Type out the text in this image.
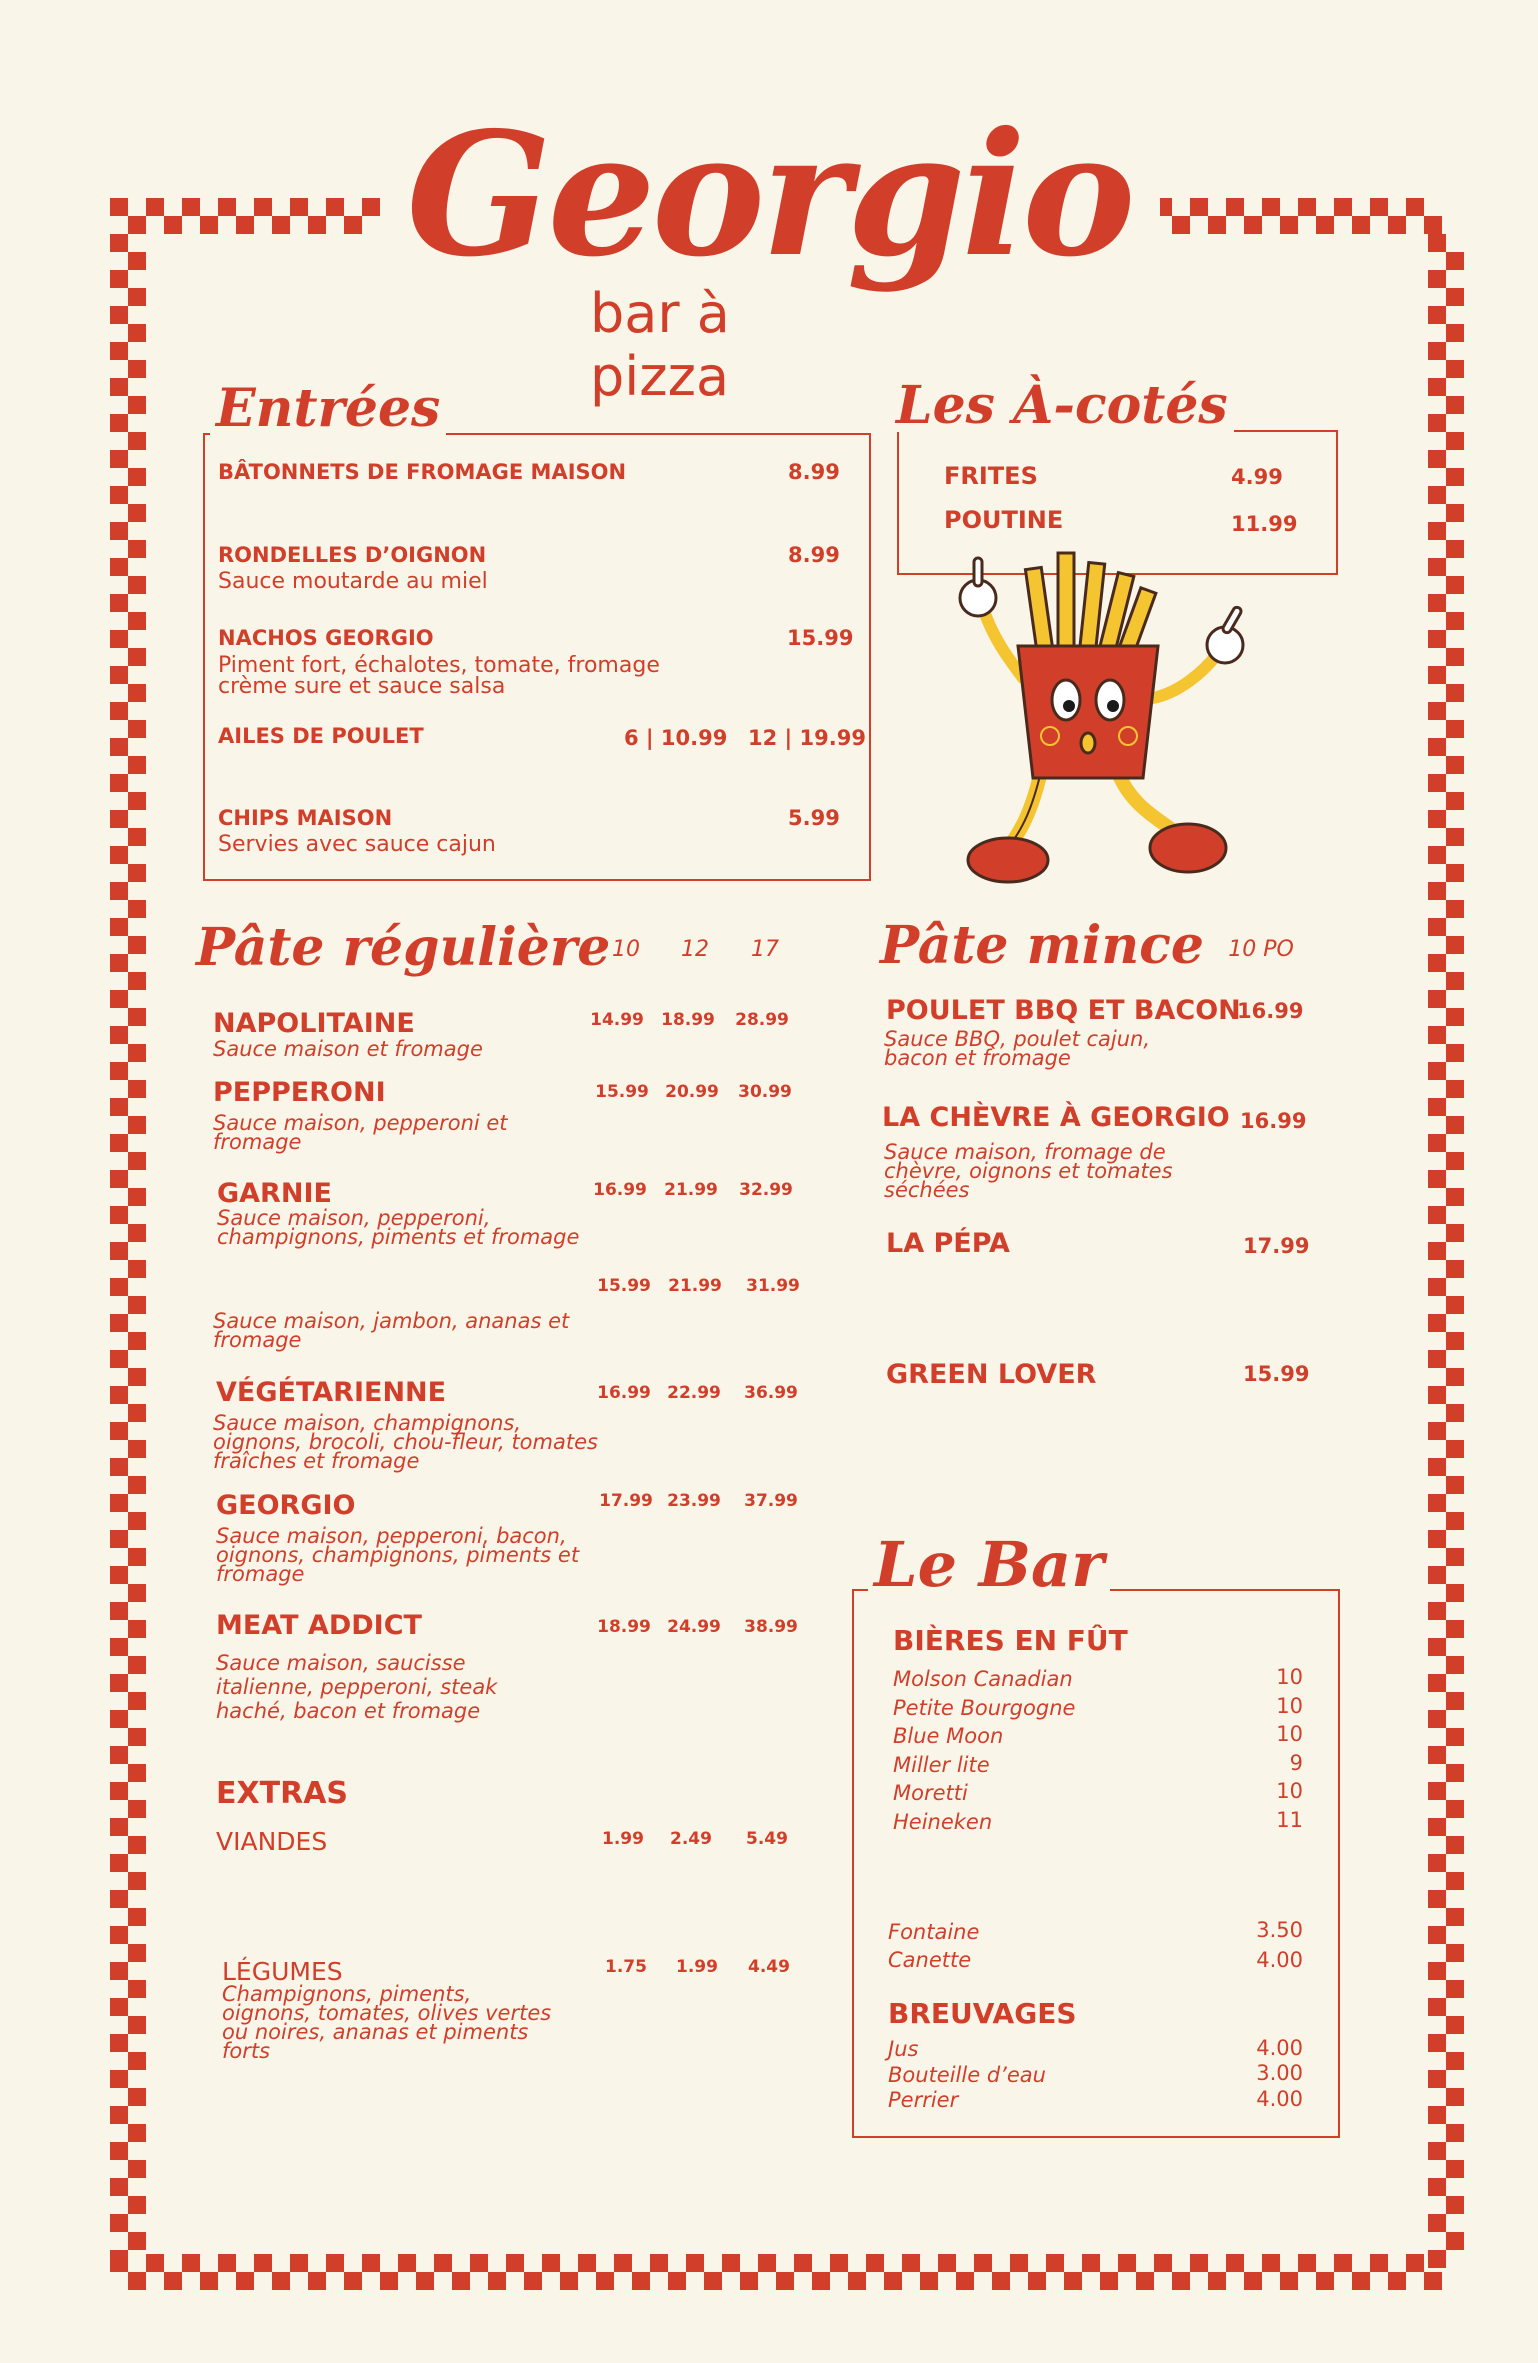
Georgio
bar à pizza
Entrées
BÂTONNETS DE FROMAGE MAISON	8.99
RONDELLES D’OIGNON	8.99
Sauce moutarde au miel
NACHOS GEORGIO	15.99
Piment fort, échalotes, tomate, fromage crème sure et sauce salsa
AILES DE POULET	6 | 10.99 12 | 19.99
CHIPS MAISON	5.99
Servies avec sauce cajun
Les À-cotés
FRITES	4.99
POUTINE	11.99
Pâte régulière 10	12	17
NAPOLITAINE
Sauce maison et fromage
14.99 18.99 28.99
PEPPERONI
Sauce maison, pepperoni et fromage
15.99 20.99 30.99
GARNIE
Sauce maison, pepperoni, champignons, piments et fromage
16.99 21.99 32.99
Sauce maison, jambon, ananas et fromage
15.99 21.99 31.99
VÉGÉTARIENNE
Sauce maison, champignons, oignons, brocoli, chou-fleur, tomates fraîches et fromage
16.99 22.99 36.99
GEORGIO
Sauce maison, pepperoni, bacon, oignons, champignons, piments et fromage
17.99 23.99 37.99
MEAT ADDICT
Sauce maison, saucisse italienne, pepperoni, steak haché, bacon et fromage
18.99 24.99 38.99
EXTRAS
VIANDES	1.99	2.49	5.49
LÉGUMES
Champignons, piments, oignons, tomates, olives vertes ou noires, ananas et piments forts
1.75	1.99	4.49
Pâte mince 10 PO
POULET BBQ ET BACON
Sauce BBQ, poulet cajun, bacon et fromage
16.99
LA CHÈVRE À GEORGIO
Sauce maison, fromage de chèvre, oignons et tomates séchées
16.99
LA PÉPA	17.99
GREEN LOVER	15.99
Le Bar
BIÈRES EN FÛT
Molson Canadian	10
Petite Bourgogne	10
Blue Moon	10
Miller lite	9
Moretti	10
Heineken	11
Fontaine	3.50
Canette	4.00
BREUVAGES
Jus	4.00
Bouteille d’eau	3.00
Perrier	4.00
